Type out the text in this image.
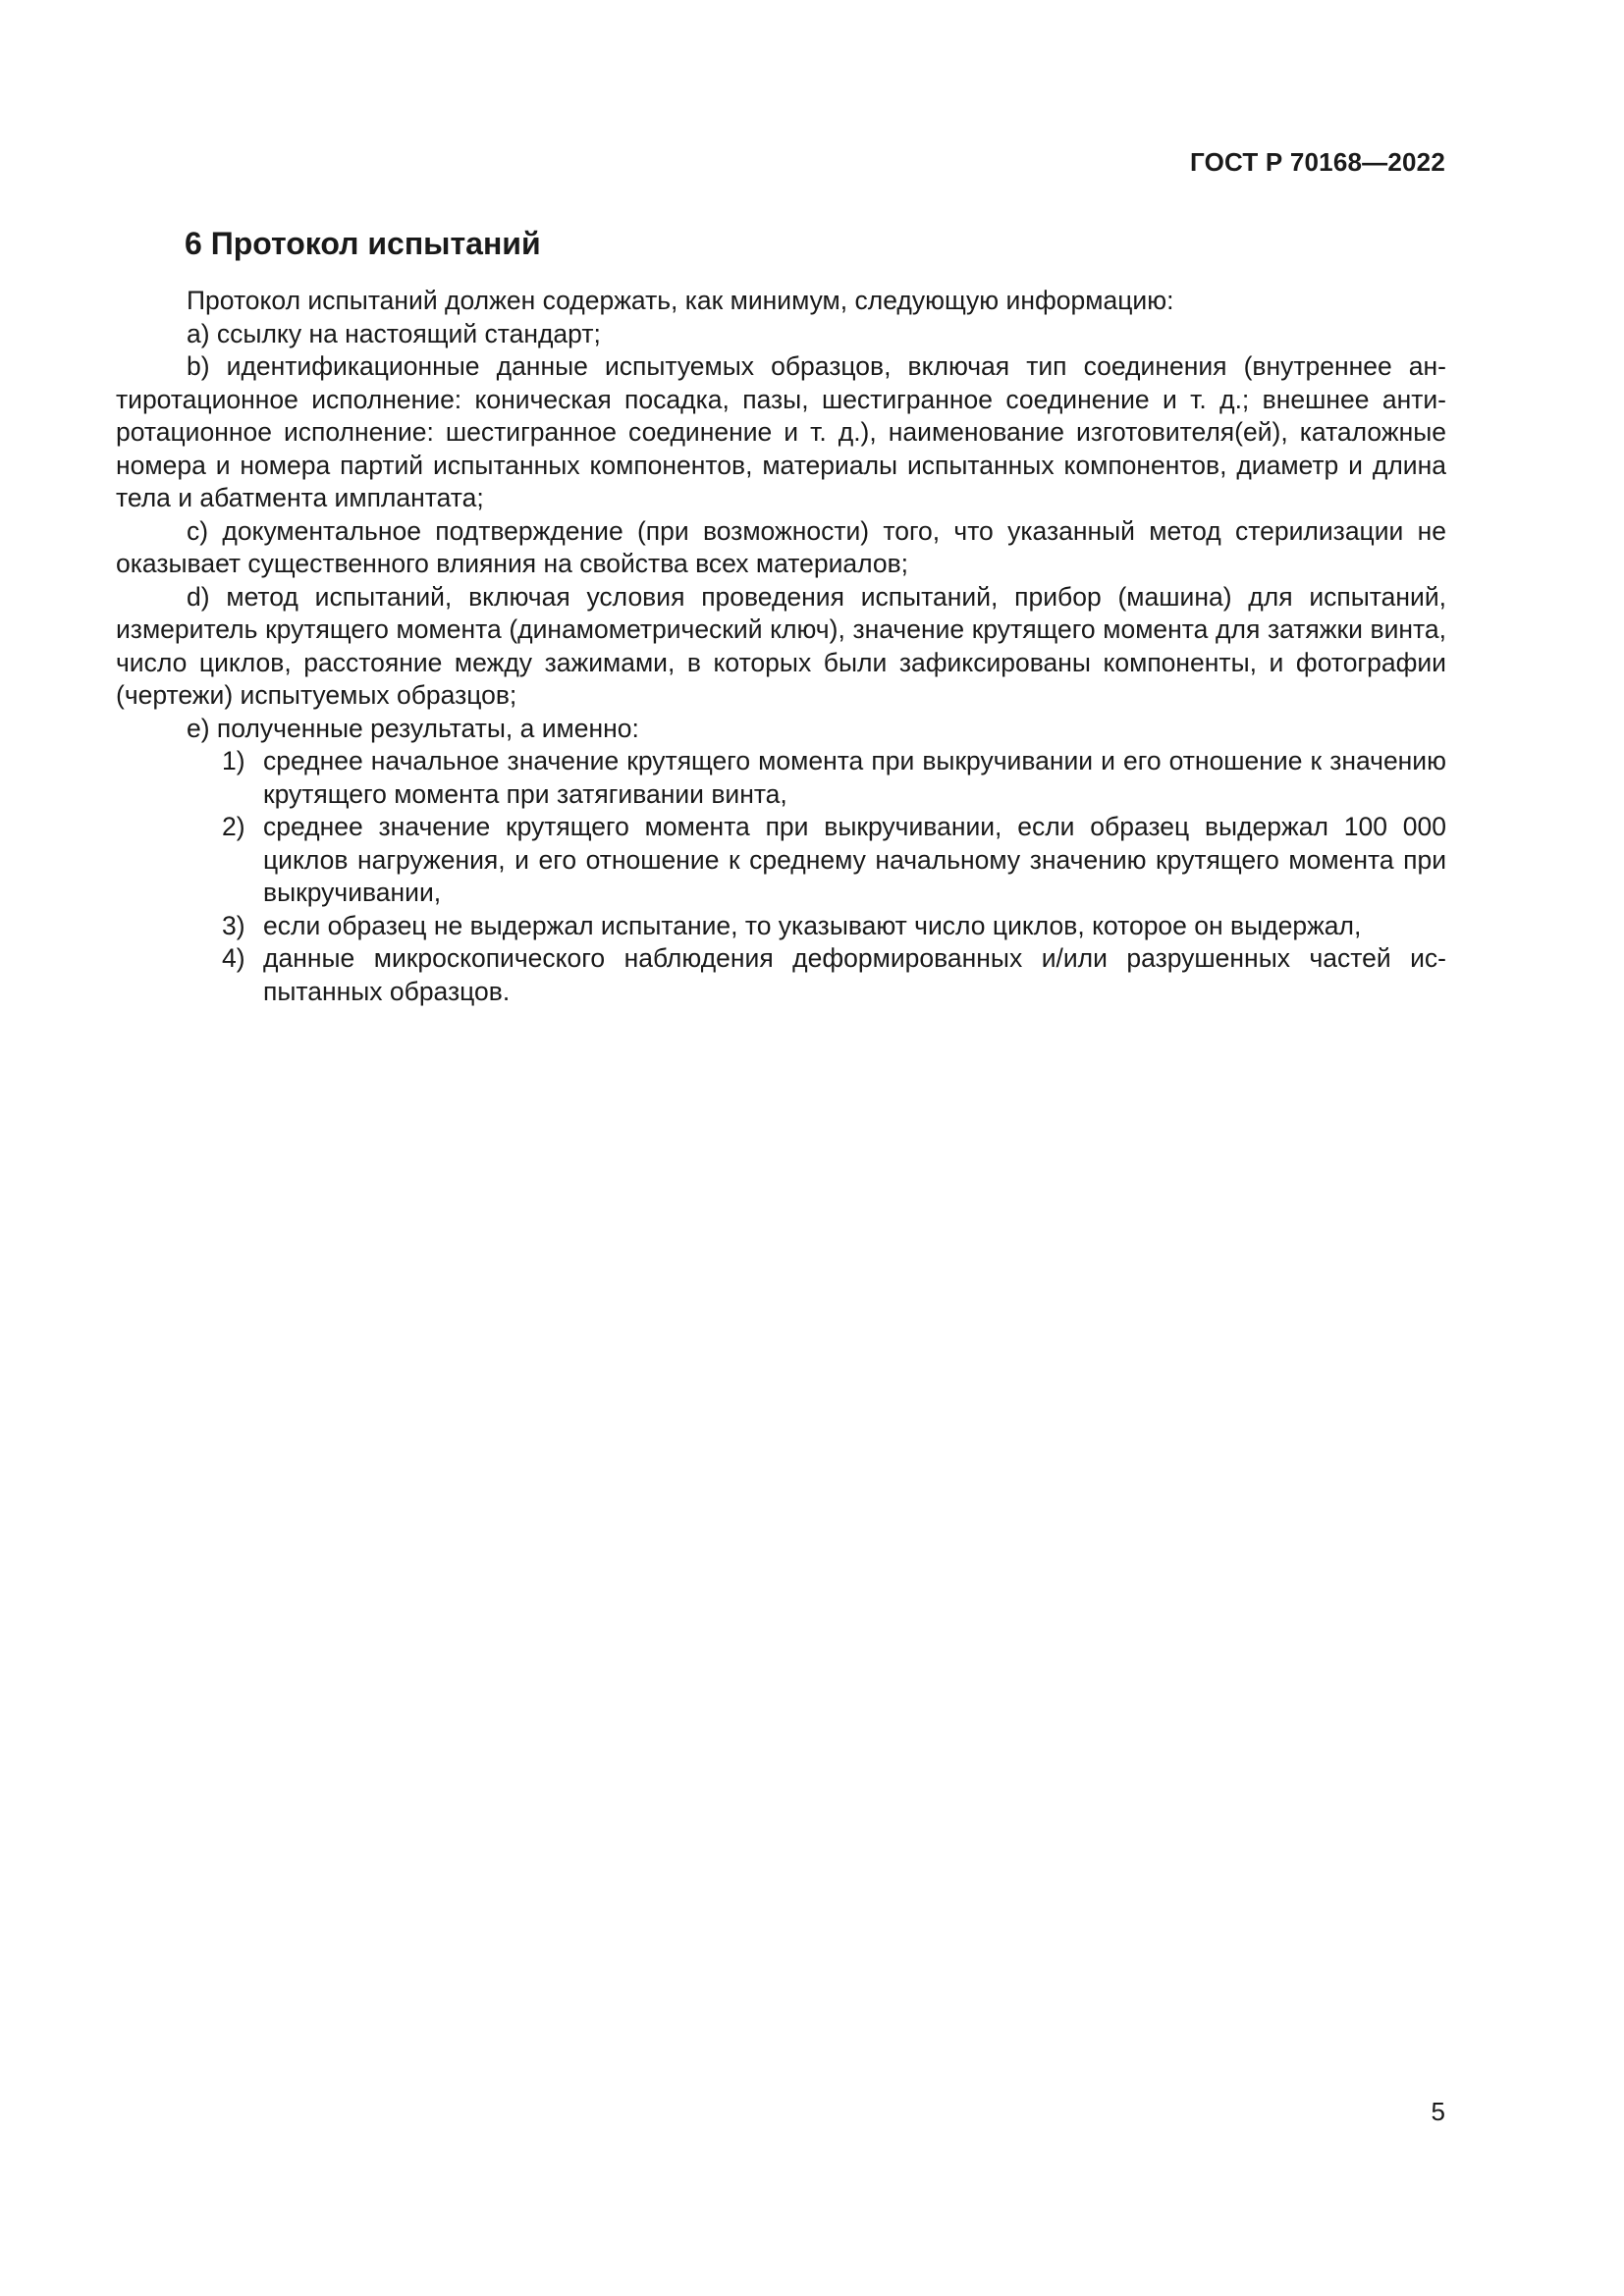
ГОСТ Р 70168—2022
6 Протокол испытаний

Протокол испытаний должен содержать, как минимум, следующую информацию:

a) ссылку на настоящий стандарт;

b) идентификационные данные испытуемых образцов, включая тип соединения (внутреннее антиротационное исполнение: коническая посадка, пазы, шестигранное соединение и т. д.; внешнее антиротационное исполнение: шестигранное соединение и т. д.), наименование изготовителя(ей), каталожные номера и номера партий испытанных компонентов, материалы испытанных компонентов, диаметр и длина тела и абатмента имплантата;

c) документальное подтверждение (при возможности) того, что указанный метод стерилизации не оказывает существенного влияния на свойства всех материалов;

d) метод испытаний, включая условия проведения испытаний, прибор (машина) для испытаний, измеритель крутящего момента (динамометрический ключ), значение крутящего момента для затяжки винта, число циклов, расстояние между зажимами, в которых были зафиксированы компоненты, и фотографии (чертежи) испытуемых образцов;

e) полученные результаты, а именно:

1) среднее начальное значение крутящего момента при выкручивании и его отношение к значению крутящего момента при затягивании винта,
2) среднее значение крутящего момента при выкручивании, если образец выдержал 100 000 циклов нагружения, и его отношение к среднему начальному значению крутящего момента при выкручивании,
3) если образец не выдержал испытание, то указывают число циклов, которое он выдержал,
4) данные микроскопического наблюдения деформированных и/или разрушенных частей испытанных образцов.
5
